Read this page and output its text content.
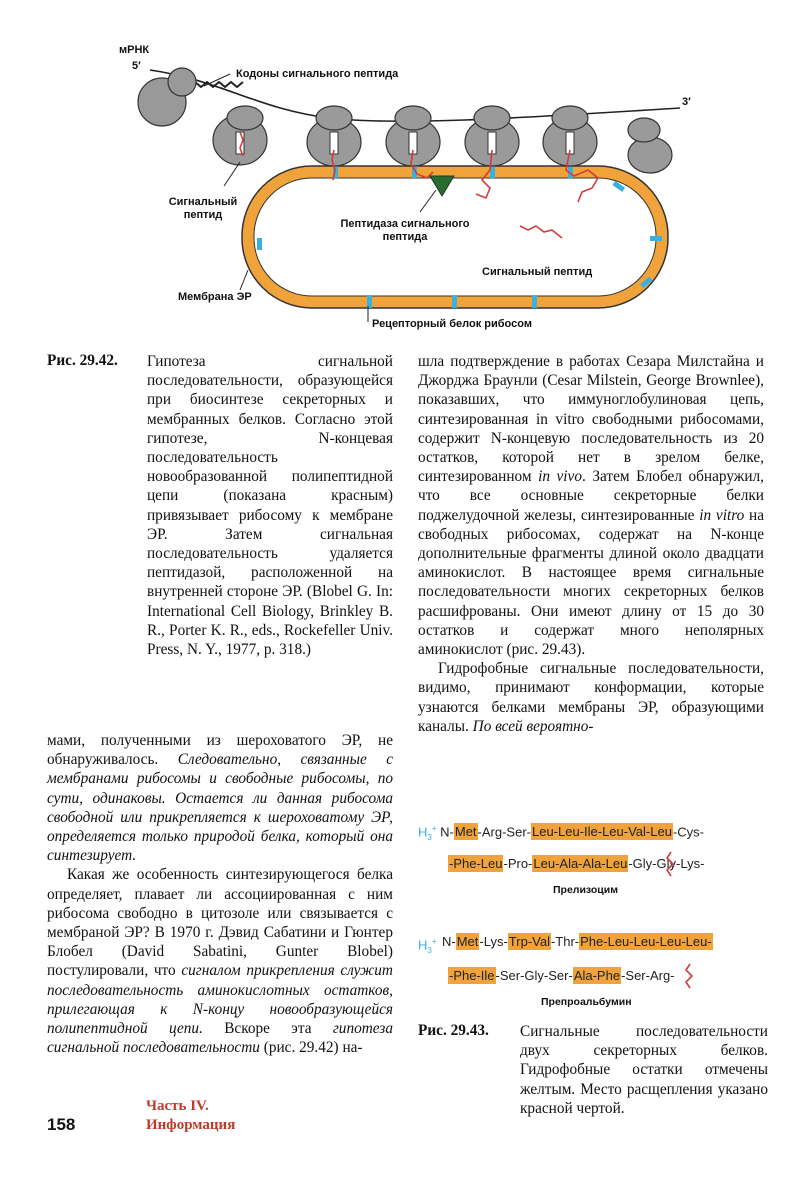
мРНК
5′
3′
Кодоны сигнального пептида
Сигнальный пептид
Пептидаза сигнального пептида
Сигнальный пептид
Мембрана ЭР
Рецепторный белок рибосом
Рис. 29.42. Гипотеза сигнальной последовательности, образующейся при биосинтезе секреторных и мембранных белков. Согласно этой гипотезе, N-концевая последовательность новообразованной полипептидной цепи (показана красным) привязывает рибосому к мембране ЭР. Затем сигнальная последовательность удаляется пептидазой, расположенной на внутренней стороне ЭР. (Blobel G. In: International Cell Biology, Brinkley B. R., Porter K. R., eds., Rockefeller Univ. Press, N. Y., 1977, p. 318.)

мами, полученными из шероховатого ЭР, не обнаруживалось. Следовательно, связанные с мембранами рибосомы и свободные рибосомы, по сути, одинаковы. Остается ли данная рибосома свободной или прикрепляется к шероховатому ЭР, определяется только природой белка, который она синтезирует.

Какая же особенность синтезирующегося белка определяет, плавает ли ассоциированная с ним рибосома свободно в цитозоле или связывается с мембраной ЭР? В 1970 г. Дэвид Сабатини и Гюнтер Блобел (David Sabatini, Gunter Blobel) постулировали, что сигналом прикрепления служит последовательность аминокислотных остатков, прилегающая к N-концу новообразующейся полипептидной цепи. Вскоре эта гипотеза сигнальной последовательности (рис. 29.42) на-

шла подтверждение в работах Сезара Милстайна и Джорджа Браунли (Cesar Milstein, George Brownlee), показавших, что иммуноглобулиновая цепь, синтезированная in vitro свободными рибосомами, содержит N-концевую последовательность из 20 остатков, которой нет в зрелом белке, синтезированном in vivo. Затем Блобел обнаружил, что все основные секреторные белки поджелудочной железы, синтезированные in vitro на свободных рибосомах, содержат на N-конце дополнительные фрагменты длиной около двадцати аминокислот. В настоящее время сигнальные последовательности многих секреторных белков расшифрованы. Они имеют длину от 15 до 30 остатков и содержат много неполярных аминокислот (рис. 29.43).

Гидрофобные сигнальные последовательности, видимо, принимают конформации, которые узнаются белками мембраны ЭР, образующими каналы. По всей вероятно-

$H_3^+$ N-Met-Arg-Ser-Leu-Leu-Ile-Leu-Val-Leu-Cys-
-Phe-Leu-Pro-Leu-Ala-Ala-Leu-Gly-Gly-Lys-
Прелизоцим
$H_3^+$ N-Met-Lys-Trp-Val-Thr-Phe-Leu-Leu-Leu-Leu-
-Phe-Ile-Ser-Gly-Ser-Ala-Phe-Ser-Arg-
Препроальбумин
Рис. 29.43. Сигнальные последовательности двух секреторных белков. Гидрофобные остатки отмечены желтым. Место расщепления указано красной чертой.
158
Часть IV.
Информация
